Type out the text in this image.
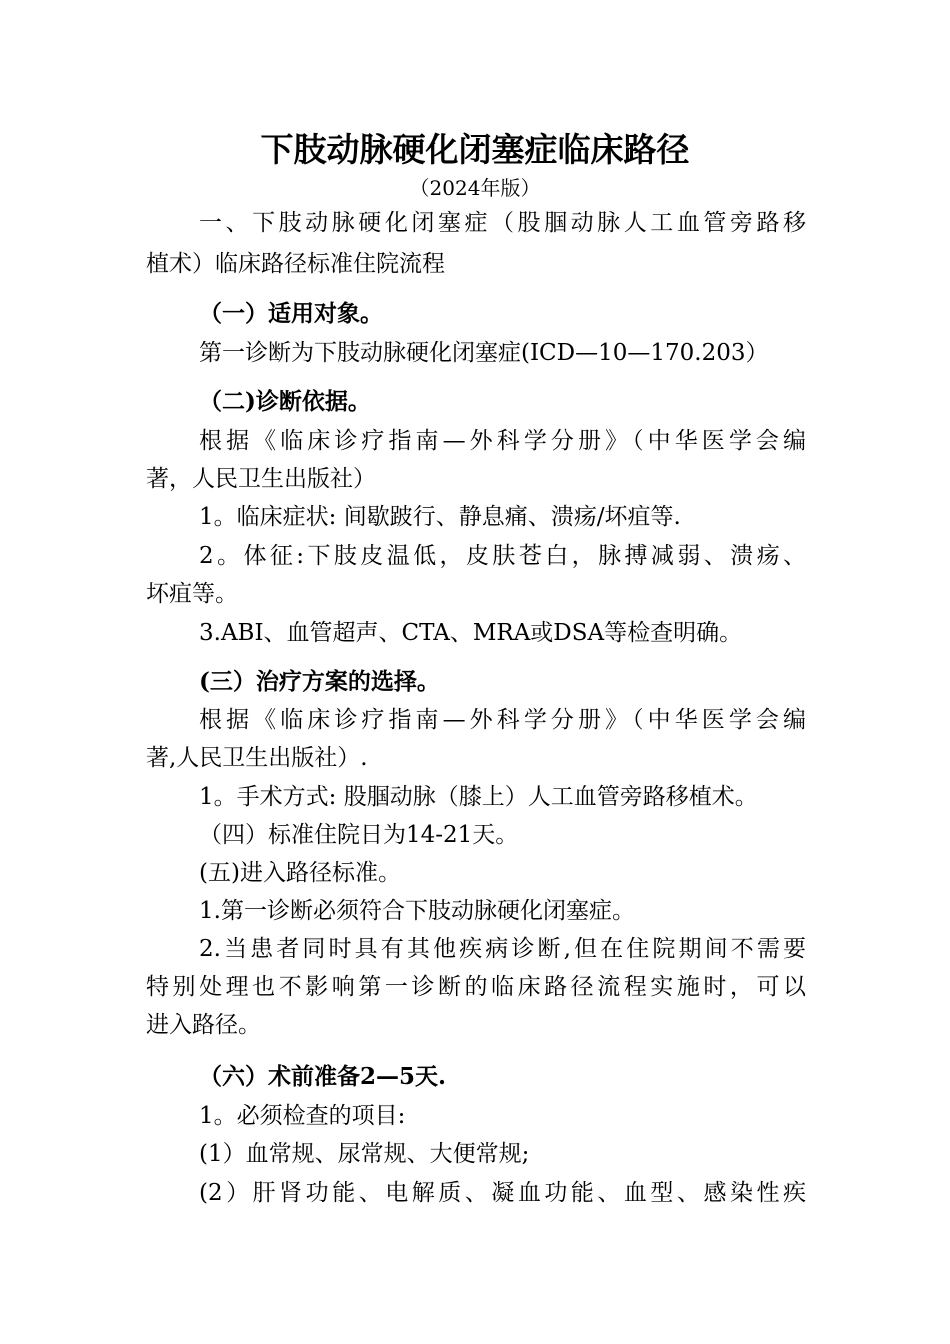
下肢动脉硬化闭塞症临床路径
（2024年版）
一、下肢动脉硬化闭塞症（股腘动脉人工血管旁路移
植术）临床路径标准住院流程
（一）适用对象。
第一诊断为下肢动脉硬化闭塞症(ICD—10—170.203）
（二)诊断依据。
根据《临床诊疗指南—外科学分册》（中华医学会编
著，人民卫生出版社）
1。临床症状: 间歇跛行、静息痛、溃疡/坏疽等.
2。体征:下肢皮温低，皮肤苍白，脉搏减弱、溃疡、
坏疽等。
3.ABI、血管超声、CTA、MRA或DSA等检查明确。
(三）治疗方案的选择。
根据《临床诊疗指南—外科学分册》（中华医学会编
著,人民卫生出版社）.
1。手术方式: 股腘动脉（膝上）人工血管旁路移植术。
（四）标准住院日为14-21天。
(五)进入路径标准。
1.第一诊断必须符合下肢动脉硬化闭塞症。
2.当患者同时具有其他疾病诊断,但在住院期间不需要
特别处理也不影响第一诊断的临床路径流程实施时，可以
进入路径。
（六）术前准备2—5天.
1。必须检查的项目:
(1）血常规、尿常规、大便常规;
(2）肝肾功能、电解质、凝血功能、血型、感染性疾
